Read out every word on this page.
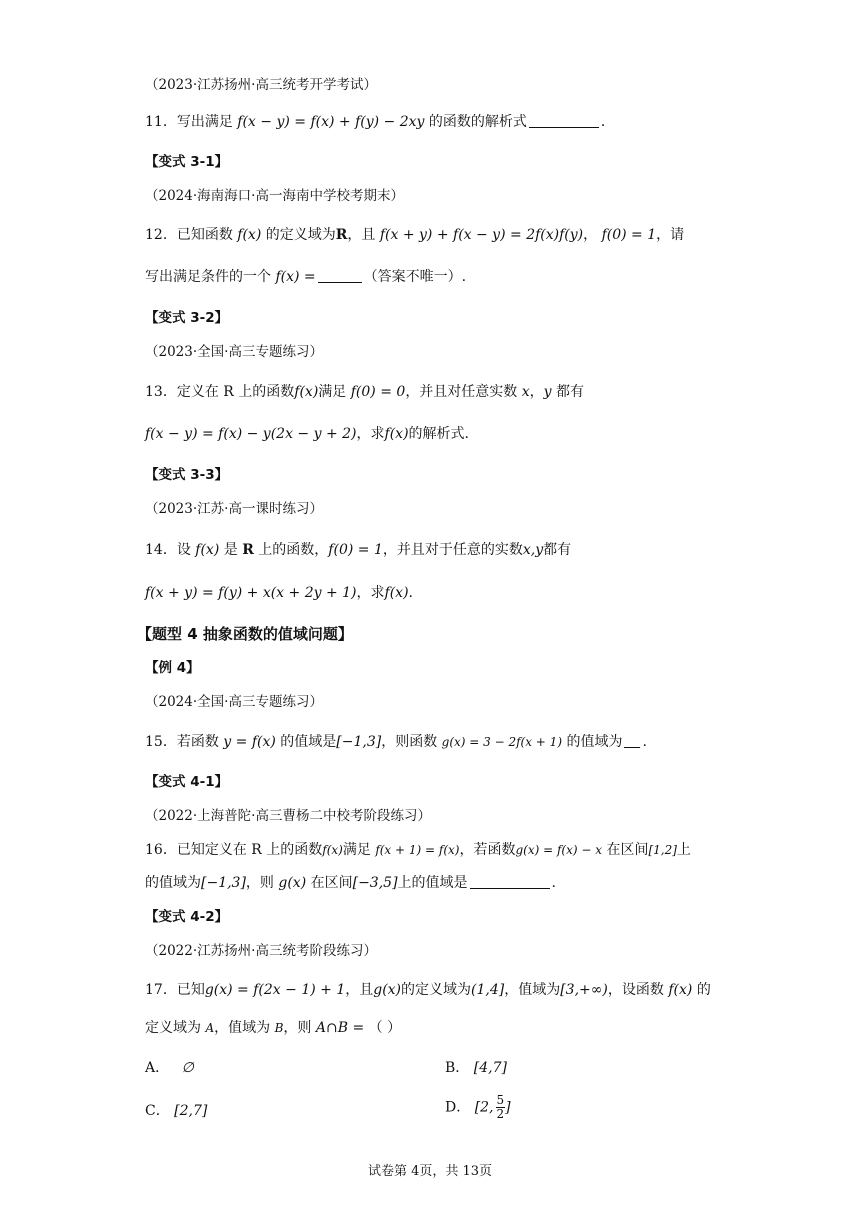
（2023·江苏扬州·高三统考开学考试）
11．写出满足 f(x − y) = f(x) + f(y) − 2xy 的函数的解析式	．
【变式 3-1】
（2024·海南海口·高一海南中学校考期末）
12．已知函数 f(x) 的定义域为R，且 f(x + y) + f(x − y) = 2f(x)f(y)， f(0) = 1，请
写出满足条件的一个 f(x) =	（答案不唯一）.
【变式 3-2】
（2023·全国·高三专题练习）
13．定义在 R 上的函数f(x)满足 f(0) = 0，并且对任意实数 x，y 都有
f(x − y) = f(x) − y(2x − y + 2)，求f(x)的解析式.
【变式 3-3】
（2023·江苏·高一课时练习）
14．设 f(x) 是 R 上的函数，f(0) = 1，并且对于任意的实数x,y都有
f(x + y) = f(y) + x(x + 2y + 1)，求f(x).
【题型 4 抽象函数的值域问题】
【例 4】
（2024·全国·高三专题练习）
15．若函数 y = f(x) 的值域是[−1,3]，则函数 g(x) = 3 − 2f(x + 1) 的值域为 .
【变式 4-1】
（2022·上海普陀·高三曹杨二中校考阶段练习）
16．已知定义在 R 上的函数f(x)满足 f(x + 1) = f(x)，若函数g(x) = f(x) − x 在区间[1,2]上
的值域为[−1,3]，则 g(x) 在区间[−3,5]上的值域是	.
【变式 4-2】
（2022·江苏扬州·高三统考阶段练习）
17．已知g(x) = f(2x − 1) + 1，且g(x)的定义域为(1,4]，值域为[3,+∞)，设函数 f(x) 的
定义域为 A，值域为 B，则 A∩B = （ ）
A． ∅	B． [4,7]
C． [2,7]	D． [2, $\frac{5}{2}$ ]
试卷第 4页，共 13页
